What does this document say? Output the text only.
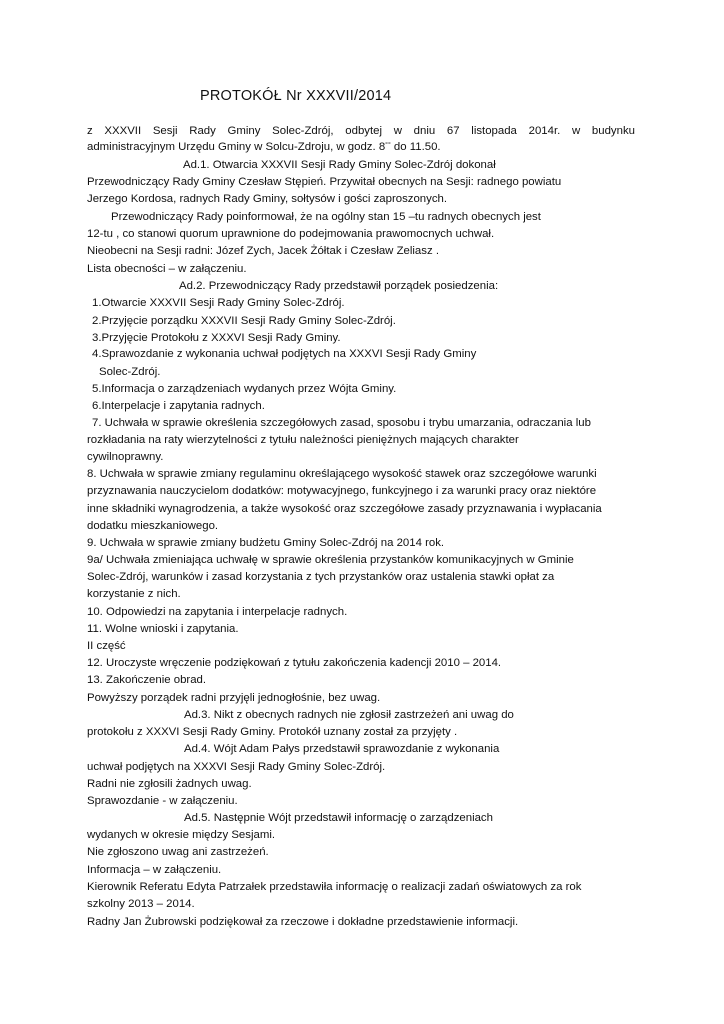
PROTOKÓŁ Nr XXXVII/2014
z XXXVII Sesji Rady Gminy Solec-Zdrój, odbytej w dniu 67 listopada 2014r. w budynku
administracyjnym Urzędu Gminy w Solcu-Zdroju, w godz. 8°° do 11.50.
Ad.1. Otwarcia XXXVII Sesji Rady Gminy Solec-Zdrój dokonał
Przewodniczący Rady Gminy Czesław Stępień. Przywitał obecnych na Sesji: radnego powiatu
Jerzego Kordosa, radnych Rady Gminy, sołtysów i gości zaproszonych.
Przewodniczący Rady poinformował, że na ogólny stan 15 –tu radnych obecnych jest
12-tu , co stanowi quorum uprawnione do podejmowania prawomocnych uchwał.
Nieobecni na Sesji radni: Józef Zych, Jacek Żółtak i Czesław Zeliasz .
Lista obecności – w załączeniu.
Ad.2. Przewodniczący Rady przedstawił porządek posiedzenia:
1.Otwarcie XXXVII Sesji Rady Gminy Solec-Zdrój.
2.Przyjęcie porządku XXXVII Sesji Rady Gminy Solec-Zdrój.
3.Przyjęcie Protokołu z XXXVI Sesji Rady Gminy.
4.Sprawozdanie z wykonania uchwał podjętych na XXXVI Sesji Rady Gminy
Solec-Zdrój.
5.Informacja o zarządzeniach wydanych przez Wójta Gminy.
6.Interpelacje i zapytania radnych.
7. Uchwała w sprawie określenia szczegółowych zasad, sposobu i trybu umarzania, odraczania lub
rozkładania na raty wierzytelności z tytułu należności pieniężnych mających charakter
cywilnoprawny.
8. Uchwała w sprawie zmiany regulaminu określającego wysokość stawek oraz szczegółowe warunki
przyznawania nauczycielom dodatków: motywacyjnego, funkcyjnego i za warunki pracy oraz niektóre
inne składniki wynagrodzenia, a także wysokość oraz szczegółowe zasady przyznawania i wypłacania
dodatku mieszkaniowego.
9. Uchwała w sprawie zmiany budżetu Gminy Solec-Zdrój na 2014 rok.
9a/ Uchwała zmieniająca uchwałę w sprawie określenia przystanków komunikacyjnych w Gminie
Solec-Zdrój, warunków i zasad korzystania z tych przystanków oraz ustalenia stawki opłat za
korzystanie z nich.
10. Odpowiedzi na zapytania i interpelacje radnych.
11. Wolne wnioski i zapytania.
II część
12. Uroczyste wręczenie podziękowań z tytułu zakończenia kadencji 2010 – 2014.
13. Zakończenie obrad.
Powyższy porządek radni przyjęli jednogłośnie, bez uwag.
Ad.3. Nikt z obecnych radnych nie zgłosił zastrzeżeń ani uwag do
protokołu z XXXVI Sesji Rady Gminy. Protokół uznany został za przyjęty .
Ad.4. Wójt Adam Pałys przedstawił sprawozdanie z wykonania
uchwał podjętych na XXXVI Sesji Rady Gminy Solec-Zdrój.
Radni nie zgłosili żadnych uwag.
Sprawozdanie - w załączeniu.
Ad.5. Następnie Wójt przedstawił informację o zarządzeniach
wydanych w okresie między Sesjami.
Nie zgłoszono uwag ani zastrzeżeń.
Informacja – w załączeniu.
Kierownik Referatu Edyta Patrzałek przedstawiła informację o realizacji zadań oświatowych za rok
szkolny 2013 – 2014.
Radny Jan Żubrowski podziękował za rzeczowe i dokładne przedstawienie informacji.
